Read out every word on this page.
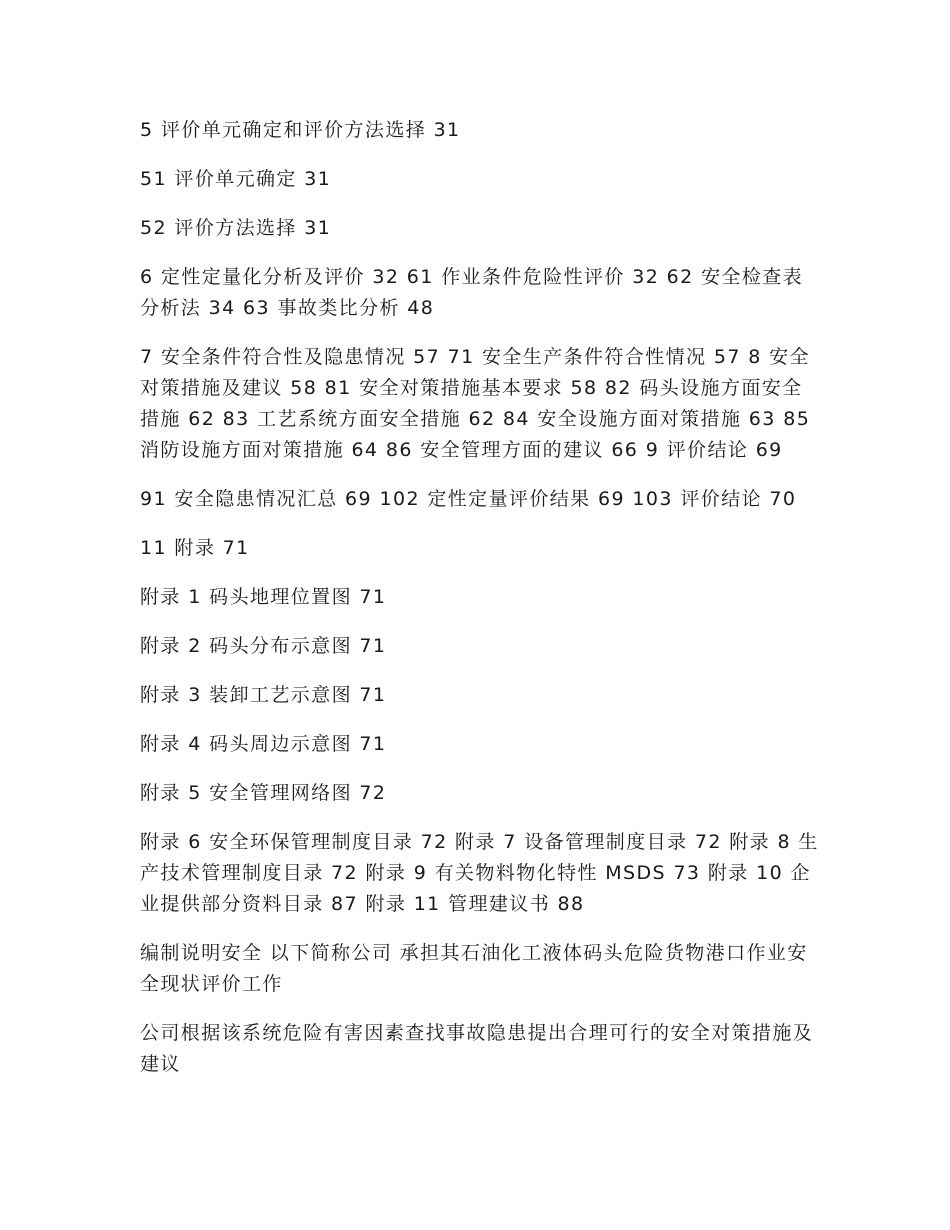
5 评价单元确定和评价方法选择 31

51 评价单元确定 31

52 评价方法选择 31

6 定性定量化分析及评价 32 61 作业条件危险性评价 32 62 安全检查表分析法 34 63 事故类比分析 48

7 安全条件符合性及隐患情况 57 71 安全生产条件符合性情况 57 8 安全对策措施及建议 58 81 安全对策措施基本要求 58 82 码头设施方面安全措施 62 83 工艺系统方面安全措施 62 84 安全设施方面对策措施 63 85 消防设施方面对策措施 64 86 安全管理方面的建议 66 9 评价结论 69

91 安全隐患情况汇总 69 102 定性定量评价结果 69 103 评价结论 70

11 附录 71

附录 1 码头地理位置图 71

附录 2 码头分布示意图 71

附录 3 装卸工艺示意图 71

附录 4 码头周边示意图 71

附录 5 安全管理网络图 72

附录 6 安全环保管理制度目录 72 附录 7 设备管理制度目录 72 附录 8 生产技术管理制度目录 72 附录 9 有关物料物化特性 MSDS 73 附录 10 企业提供部分资料目录 87 附录 11 管理建议书 88

编制说明安全 以下简称公司 承担其石油化工液体码头危险货物港口作业安全现状评价工作

公司根据该系统危险有害因素查找事故隐患提出合理可行的安全对策措施及建议
